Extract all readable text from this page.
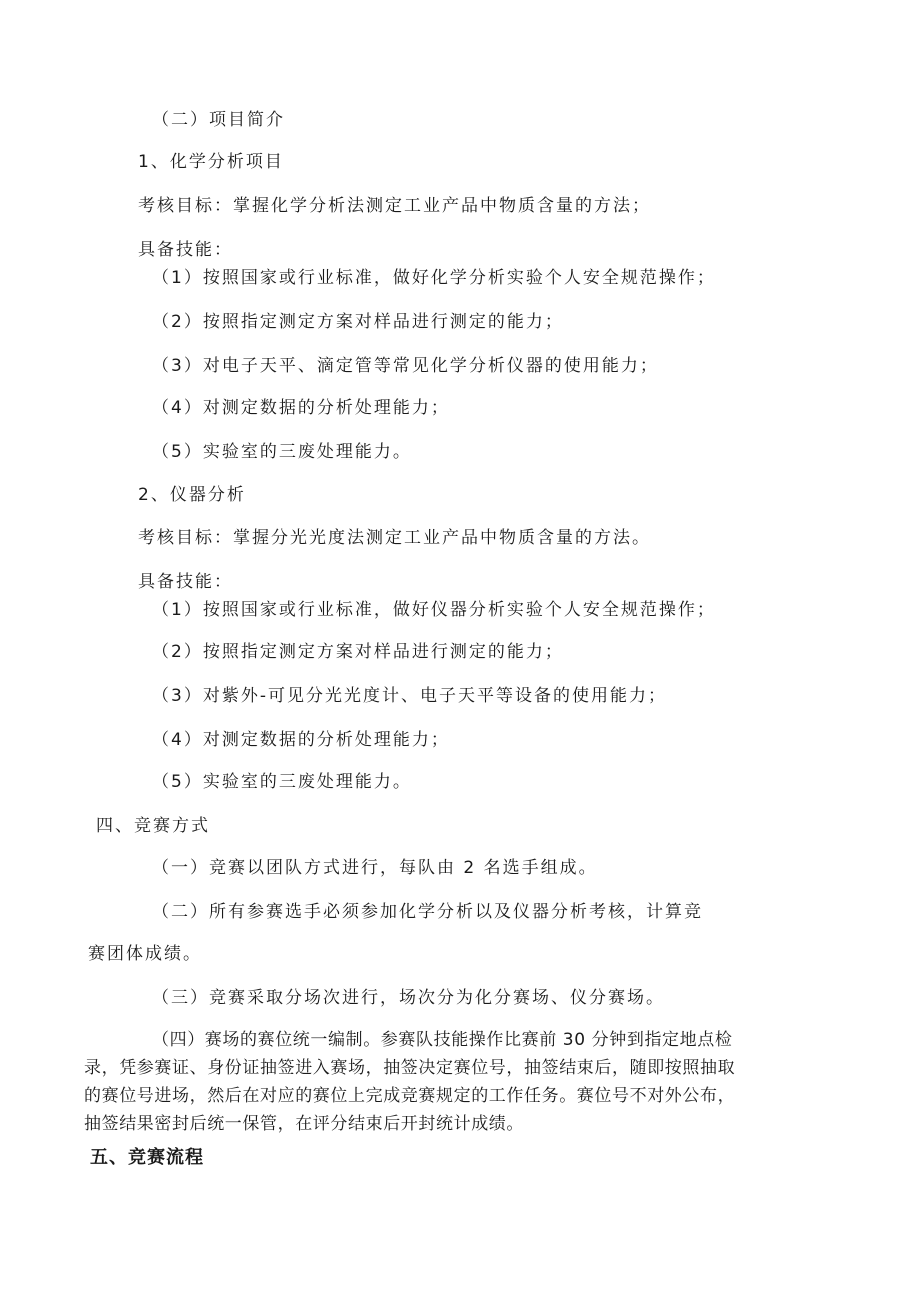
（二）项目简介
1、化学分析项目
考核目标：掌握化学分析法测定工业产品中物质含量的方法；
具备技能：
（1）按照国家或行业标准，做好化学分析实验个人安全规范操作；
（2）按照指定测定方案对样品进行测定的能力；
（3）对电子天平、滴定管等常见化学分析仪器的使用能力；
（4）对测定数据的分析处理能力；
（5）实验室的三废处理能力。
2、仪器分析
考核目标：掌握分光光度法测定工业产品中物质含量的方法。
具备技能：
（1）按照国家或行业标准，做好仪器分析实验个人安全规范操作；
（2）按照指定测定方案对样品进行测定的能力；
（3）对紫外-可见分光光度计、电子天平等设备的使用能力；
（4）对测定数据的分析处理能力；
（5）实验室的三废处理能力。
四、竞赛方式
（一）竞赛以团队方式进行，每队由 2 名选手组成。
（二）所有参赛选手必须参加化学分析以及仪器分析考核，计算竞
赛团体成绩。
（三）竞赛采取分场次进行，场次分为化分赛场、仪分赛场。
（四）赛场的赛位统一编制。参赛队技能操作比赛前 30 分钟到指定地点检
录，凭参赛证、身份证抽签进入赛场，抽签决定赛位号，抽签结束后，随即按照抽取
的赛位号进场，然后在对应的赛位上完成竞赛规定的工作任务。赛位号不对外公布，
抽签结果密封后统一保管，在评分结束后开封统计成绩。
五、竞赛流程
